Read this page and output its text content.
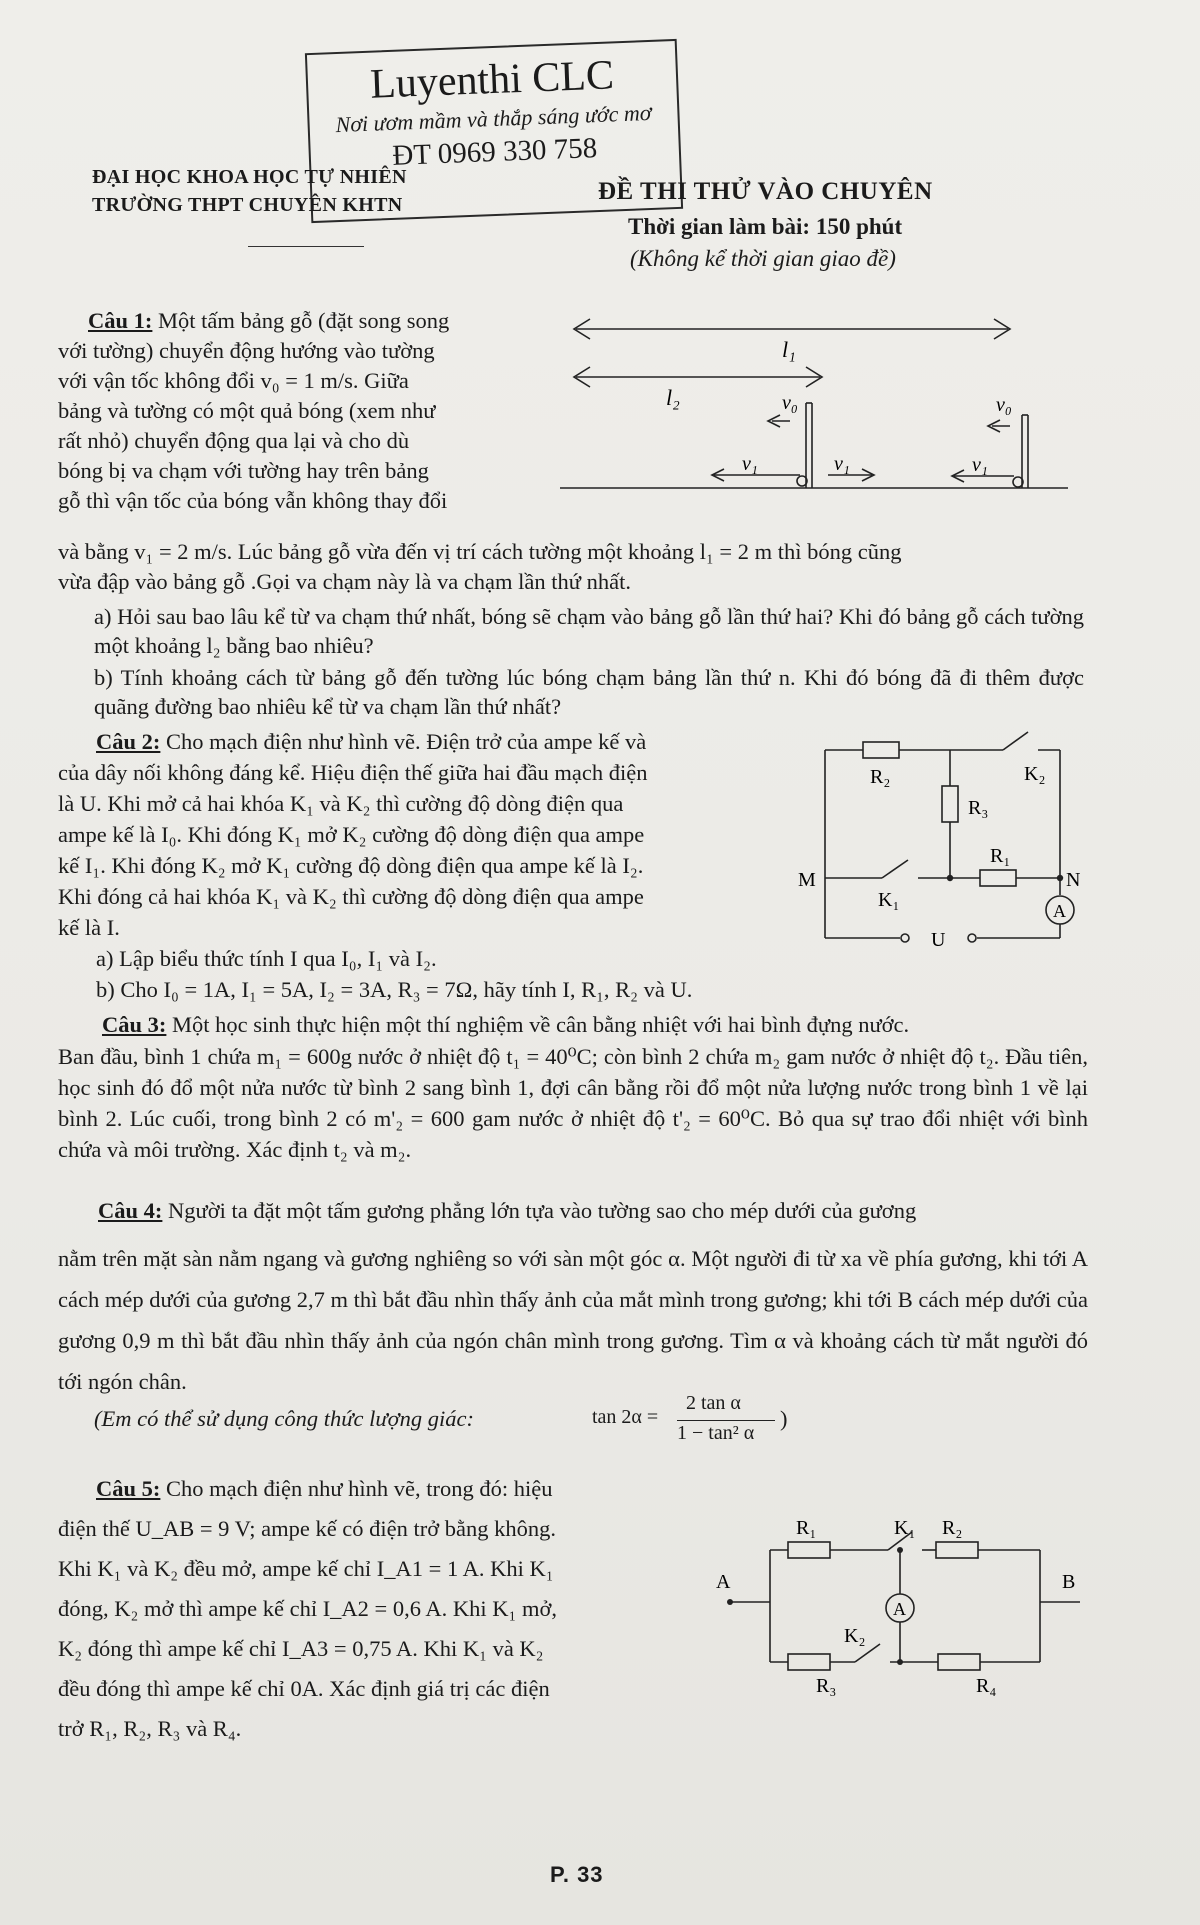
Luyenthi CLC
Nơi ươm mầm và thắp sáng ước mơ
ĐT 0969 330 758
ĐẠI HỌC KHOA HỌC TỰ NHIÊN
TRƯỜNG THPT CHUYÊN KHTN	ĐỀ THI THỬ VÀO CHUYÊN
Thời gian làm bài: 150 phút
(Không kể thời gian giao đề)

Câu 1: Một tấm bảng gỗ (đặt song song

với tường) chuyển động hướng vào tường

với vận tốc không đổi v₀ = 1 m/s. Giữa

bảng và tường có một quả bóng (xem như

rất nhỏ) chuyển động qua lại và cho dù

bóng bị va chạm với tường hay trên bảng

gỗ thì vận tốc của bóng vẫn không thay đổi

và bằng v₁ = 2 m/s. Lúc bảng gỗ vừa đến vị trí cách tường một khoảng l₁ = 2 m thì bóng cũng

vừa đập vào bảng gỗ .Gọi va chạm này là va chạm lần thứ nhất.

a) Hỏi sau bao lâu kể từ va chạm thứ nhất, bóng sẽ chạm vào bảng gỗ lần thứ hai? Khi đó bảng gỗ cách tường một khoảng l₂ bằng bao nhiêu?

b) Tính khoảng cách từ bảng gỗ đến tường lúc bóng chạm bảng lần thứ n. Khi đó bóng đã đi thêm được quãng đường bao nhiêu kể từ va chạm lần thứ nhất?

l₁
l₂	v₀	v₀
v₁	v₁	v₁

Câu 2: Cho mạch điện như hình vẽ. Điện trở của ampe kế và

của dây nối không đáng kể. Hiệu điện thế giữa hai đầu mạch điện

là U. Khi mở cả hai khóa K₁ và K₂ thì cường độ dòng điện qua

ampe kế là I₀. Khi đóng K₁ mở K₂ cường độ dòng điện qua ampe

kế I₁. Khi đóng K₂ mở K₁ cường độ dòng điện qua ampe kế là I₂.

Khi đóng cả hai khóa K₁ và K₂ thì cường độ dòng điện qua ampe

kế là I.

a) Lập biểu thức tính I qua I₀, I₁ và I₂.

b) Cho I₀ = 1A, I₁ = 5A, I₂ = 3A, R₃ = 7Ω, hãy tính I, R₁, R₂ và U.

R₂	K₂
R₃
R₁
K₁
M	N
U
A

Câu 3: Một học sinh thực hiện một thí nghiệm về cân bằng nhiệt với hai bình đựng nước.

Ban đầu, bình 1 chứa m₁ = 600g nước ở nhiệt độ t₁ = 40⁰C; còn bình 2 chứa m₂ gam nước ở nhiệt độ t₂. Đầu tiên, học sinh đó đổ một nửa nước từ bình 2 sang bình 1, đợi cân bằng rồi đổ một nửa lượng nước trong bình 1 về lại bình 2. Lúc cuối, trong bình 2 có m'₂ = 600 gam nước ở nhiệt độ t'₂ = 60⁰C. Bỏ qua sự trao đổi nhiệt với bình chứa và môi trường. Xác định t₂ và m₂.

Câu 4: Người ta đặt một tấm gương phẳng lớn tựa vào tường sao cho mép dưới của gương

nằm trên mặt sàn nằm ngang và gương nghiêng so với sàn một góc α. Một người đi từ xa về phía gương, khi tới A cách mép dưới của gương 2,7 m thì bắt đầu nhìn thấy ảnh của mắt mình trong gương; khi tới B cách mép dưới của gương 0,9 m thì bắt đầu nhìn thấy ảnh của ngón chân mình trong gương. Tìm α và khoảng cách từ mắt người đó tới ngón chân.

(Em có thể sử dụng công thức lượng giác:	tan 2α =
2 tan α
1 − tan² α
)

Câu 5: Cho mạch điện như hình vẽ, trong đó: hiệu

điện thế U_AB = 9 V; ampe kế có điện trở bằng không.

Khi K₁ và K₂ đều mở, ampe kế chỉ I_A1 = 1 A. Khi K₁

đóng, K₂ mở thì ampe kế chỉ I_A2 = 0,6 A. Khi K₁ mở,

K₂ đóng thì ampe kế chỉ I_A3 = 0,75 A. Khi K₁ và K₂

đều đóng thì ampe kế chỉ 0A. Xác định giá trị các điện

trở R₁, R₂, R₃ và R₄.

R₁	K₁ R₂
A	B
A
K₂
R₃	R₄
P. 33
